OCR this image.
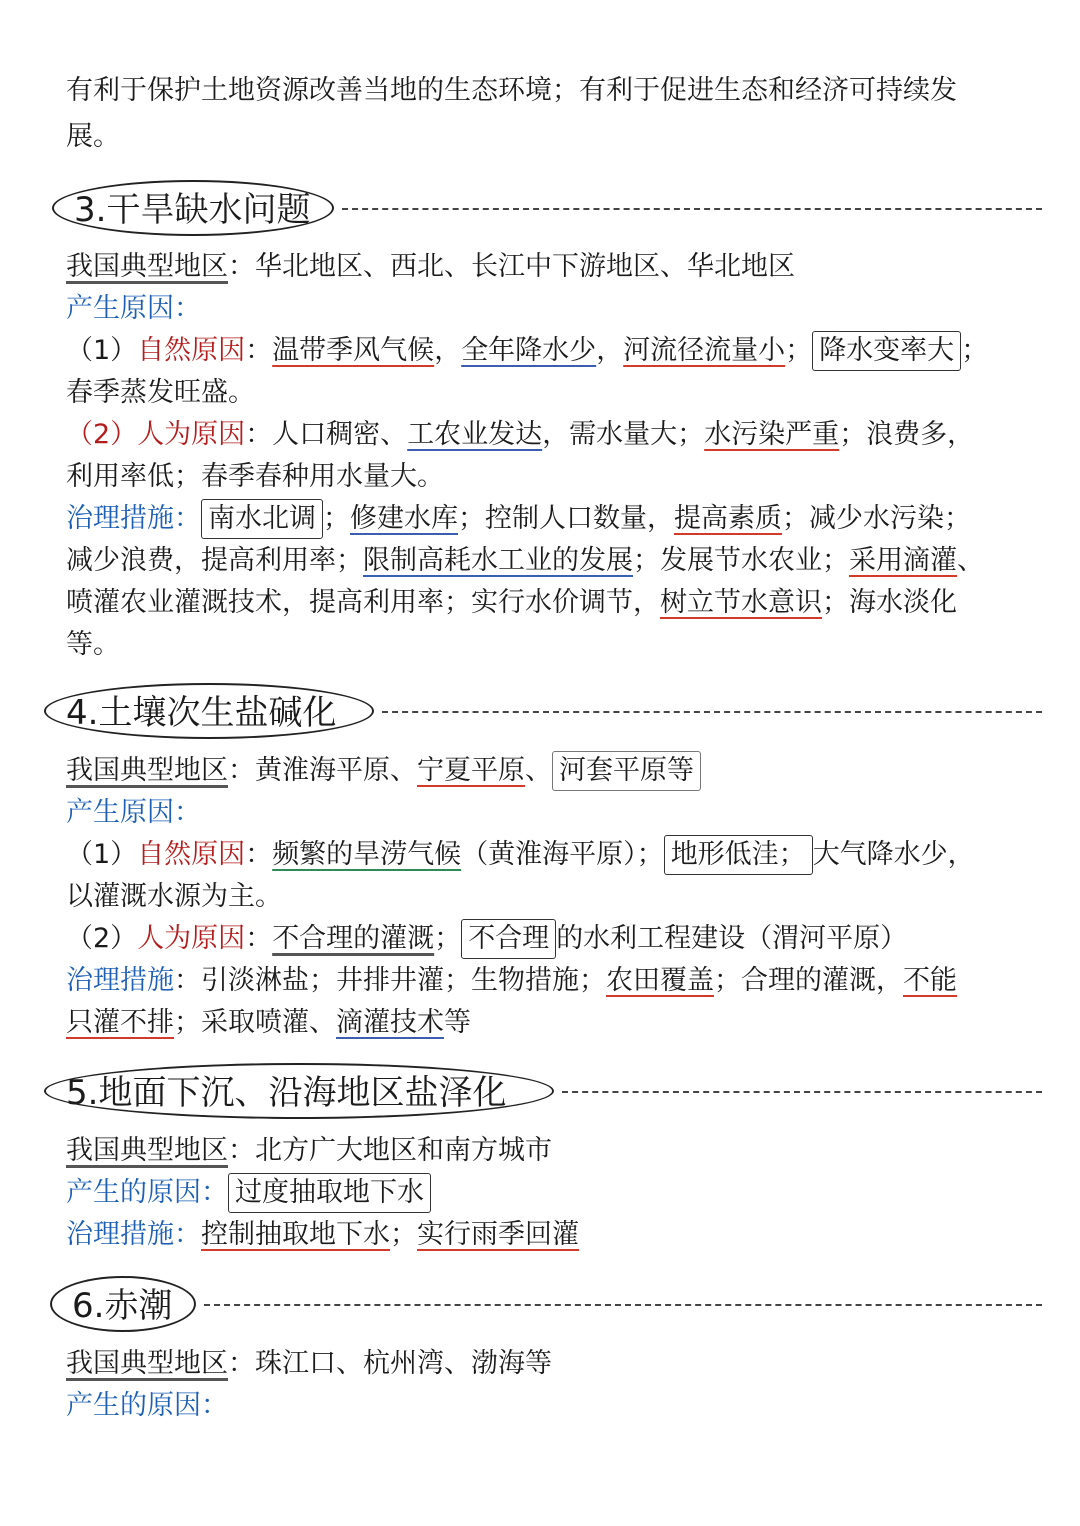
有利于保护土地资源改善当地的生态环境；有利于促进生态和经济可持续发
展。
3.干旱缺水问题
我国典型地区：华北地区、西北、长江中下游地区、华北地区
产生原因：
（1）自然原因：温带季风气候，全年降水少，河流径流量小； 降水变率大 ；
春季蒸发旺盛。
（2）人为原因：人口稠密、工农业发达，需水量大；水污染严重；浪费多，
利用率低；春季春种用水量大。
治理措施： 南水北调 ；修建水库；控制人口数量，提高素质；减少水污染；
减少浪费，提高利用率；限制高耗水工业的发展；发展节水农业；采用滴灌、
喷灌农业灌溉技术，提高利用率；实行水价调节，树立节水意识；海水淡化
等。
4.土壤次生盐碱化
我国典型地区：黄淮海平原、宁夏平原、 河套平原等
产生原因：
（1）自然原因：频繁的旱涝气候（黄淮海平原）； 地形低洼； 大气降水少，
以灌溉水源为主。
（2）人为原因：不合理的灌溉； 不合理 的水利工程建设（渭河平原）
治理措施：引淡淋盐；井排井灌；生物措施；农田覆盖；合理的灌溉，不能
只灌不排；采取喷灌、滴灌技术等
5.地面下沉、沿海地区盐泽化
我国典型地区：北方广大地区和南方城市
产生的原因： 过度抽取地下水
治理措施：控制抽取地下水；实行雨季回灌
6.赤潮
我国典型地区：珠江口、杭州湾、渤海等
产生的原因：
